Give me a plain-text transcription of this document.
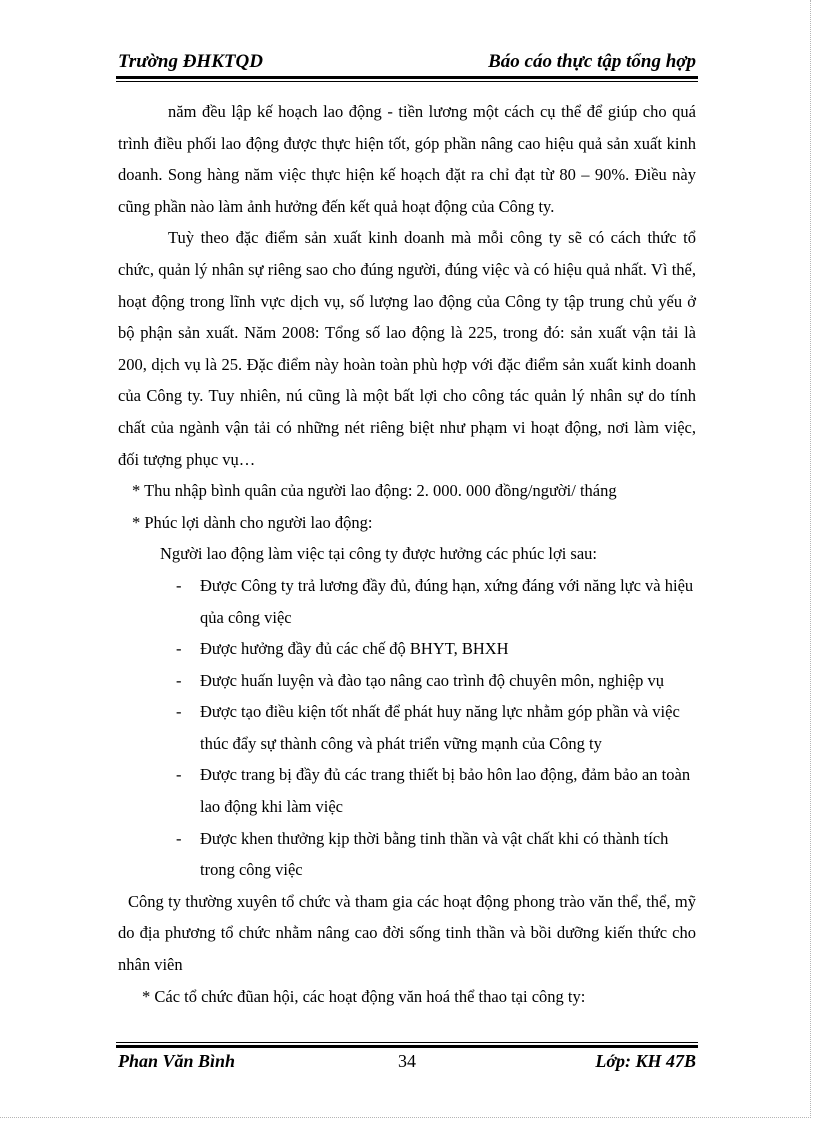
Trường ĐHKTQD	Báo cáo thực tập tổng hợp

năm đều lập kế hoạch lao động - tiền lương một cách cụ thể để giúp cho quá trình điều phối lao động được thực hiện tốt, góp phần nâng cao hiệu quả sản xuất kinh doanh. Song hàng năm việc thực hiện kế hoạch đặt ra chỉ đạt từ 80 – 90%. Điều này cũng phần nào làm ảnh hưởng đến kết quả hoạt động của Công ty.

Tuỳ theo đặc điểm sản xuất kinh doanh mà mỗi công ty sẽ có cách thức tổ chức, quản lý nhân sự riêng sao cho đúng người, đúng việc và có hiệu quả nhất. Vì thế, hoạt động trong lĩnh vực dịch vụ, số lượng lao động của Công ty tập trung chủ yếu ở bộ phận sản xuất. Năm 2008: Tổng số lao động là 225, trong đó: sản xuất vận tải là 200, dịch vụ là 25. Đặc điểm này hoàn toàn phù hợp với đặc điểm sản xuất kinh doanh của Công ty. Tuy nhiên, nú cũng là một bất lợi cho công tác quản lý nhân sự do tính chất của ngành vận tải có những nét riêng biệt như phạm vi hoạt động, nơi làm việc, đối tượng phục vụ…

* Thu nhập bình quân của người lao động: 2. 000. 000 đồng/người/ tháng

* Phúc lợi dành cho người lao động:

Người lao động làm việc tại công ty được hưởng các phúc lợi sau:

- Được Công ty trả lương đầy đủ, đúng hạn, xứng đáng với năng lực và hiệu qủa công việc
- Được hưởng đầy đủ các chế độ BHYT, BHXH
- Được huấn luyện và đào tạo nâng cao trình độ chuyên môn, nghiệp vụ
- Được tạo điều kiện tốt nhất để phát huy năng lực nhằm góp phần và việc thúc đẩy sự thành công và phát triển vững mạnh của Công ty
- Được trang bị đầy đủ các trang thiết bị bảo hôn lao động, đảm bảo an toàn lao động khi làm việc
- Được khen thưởng kịp thời bằng tinh thần và vật chất khi có thành tích trong công việc

Công ty thường xuyên tổ chức và tham gia các hoạt động phong trào văn thể, thể, mỹ do địa phương tổ chức nhằm nâng cao đời sống tinh thần và bồi dưỡng kiến thức cho nhân viên

* Các tổ chức đũan hội, các hoạt động văn hoá thể thao tại công ty:

Phan Văn Bình	34	Lớp: KH 47B
